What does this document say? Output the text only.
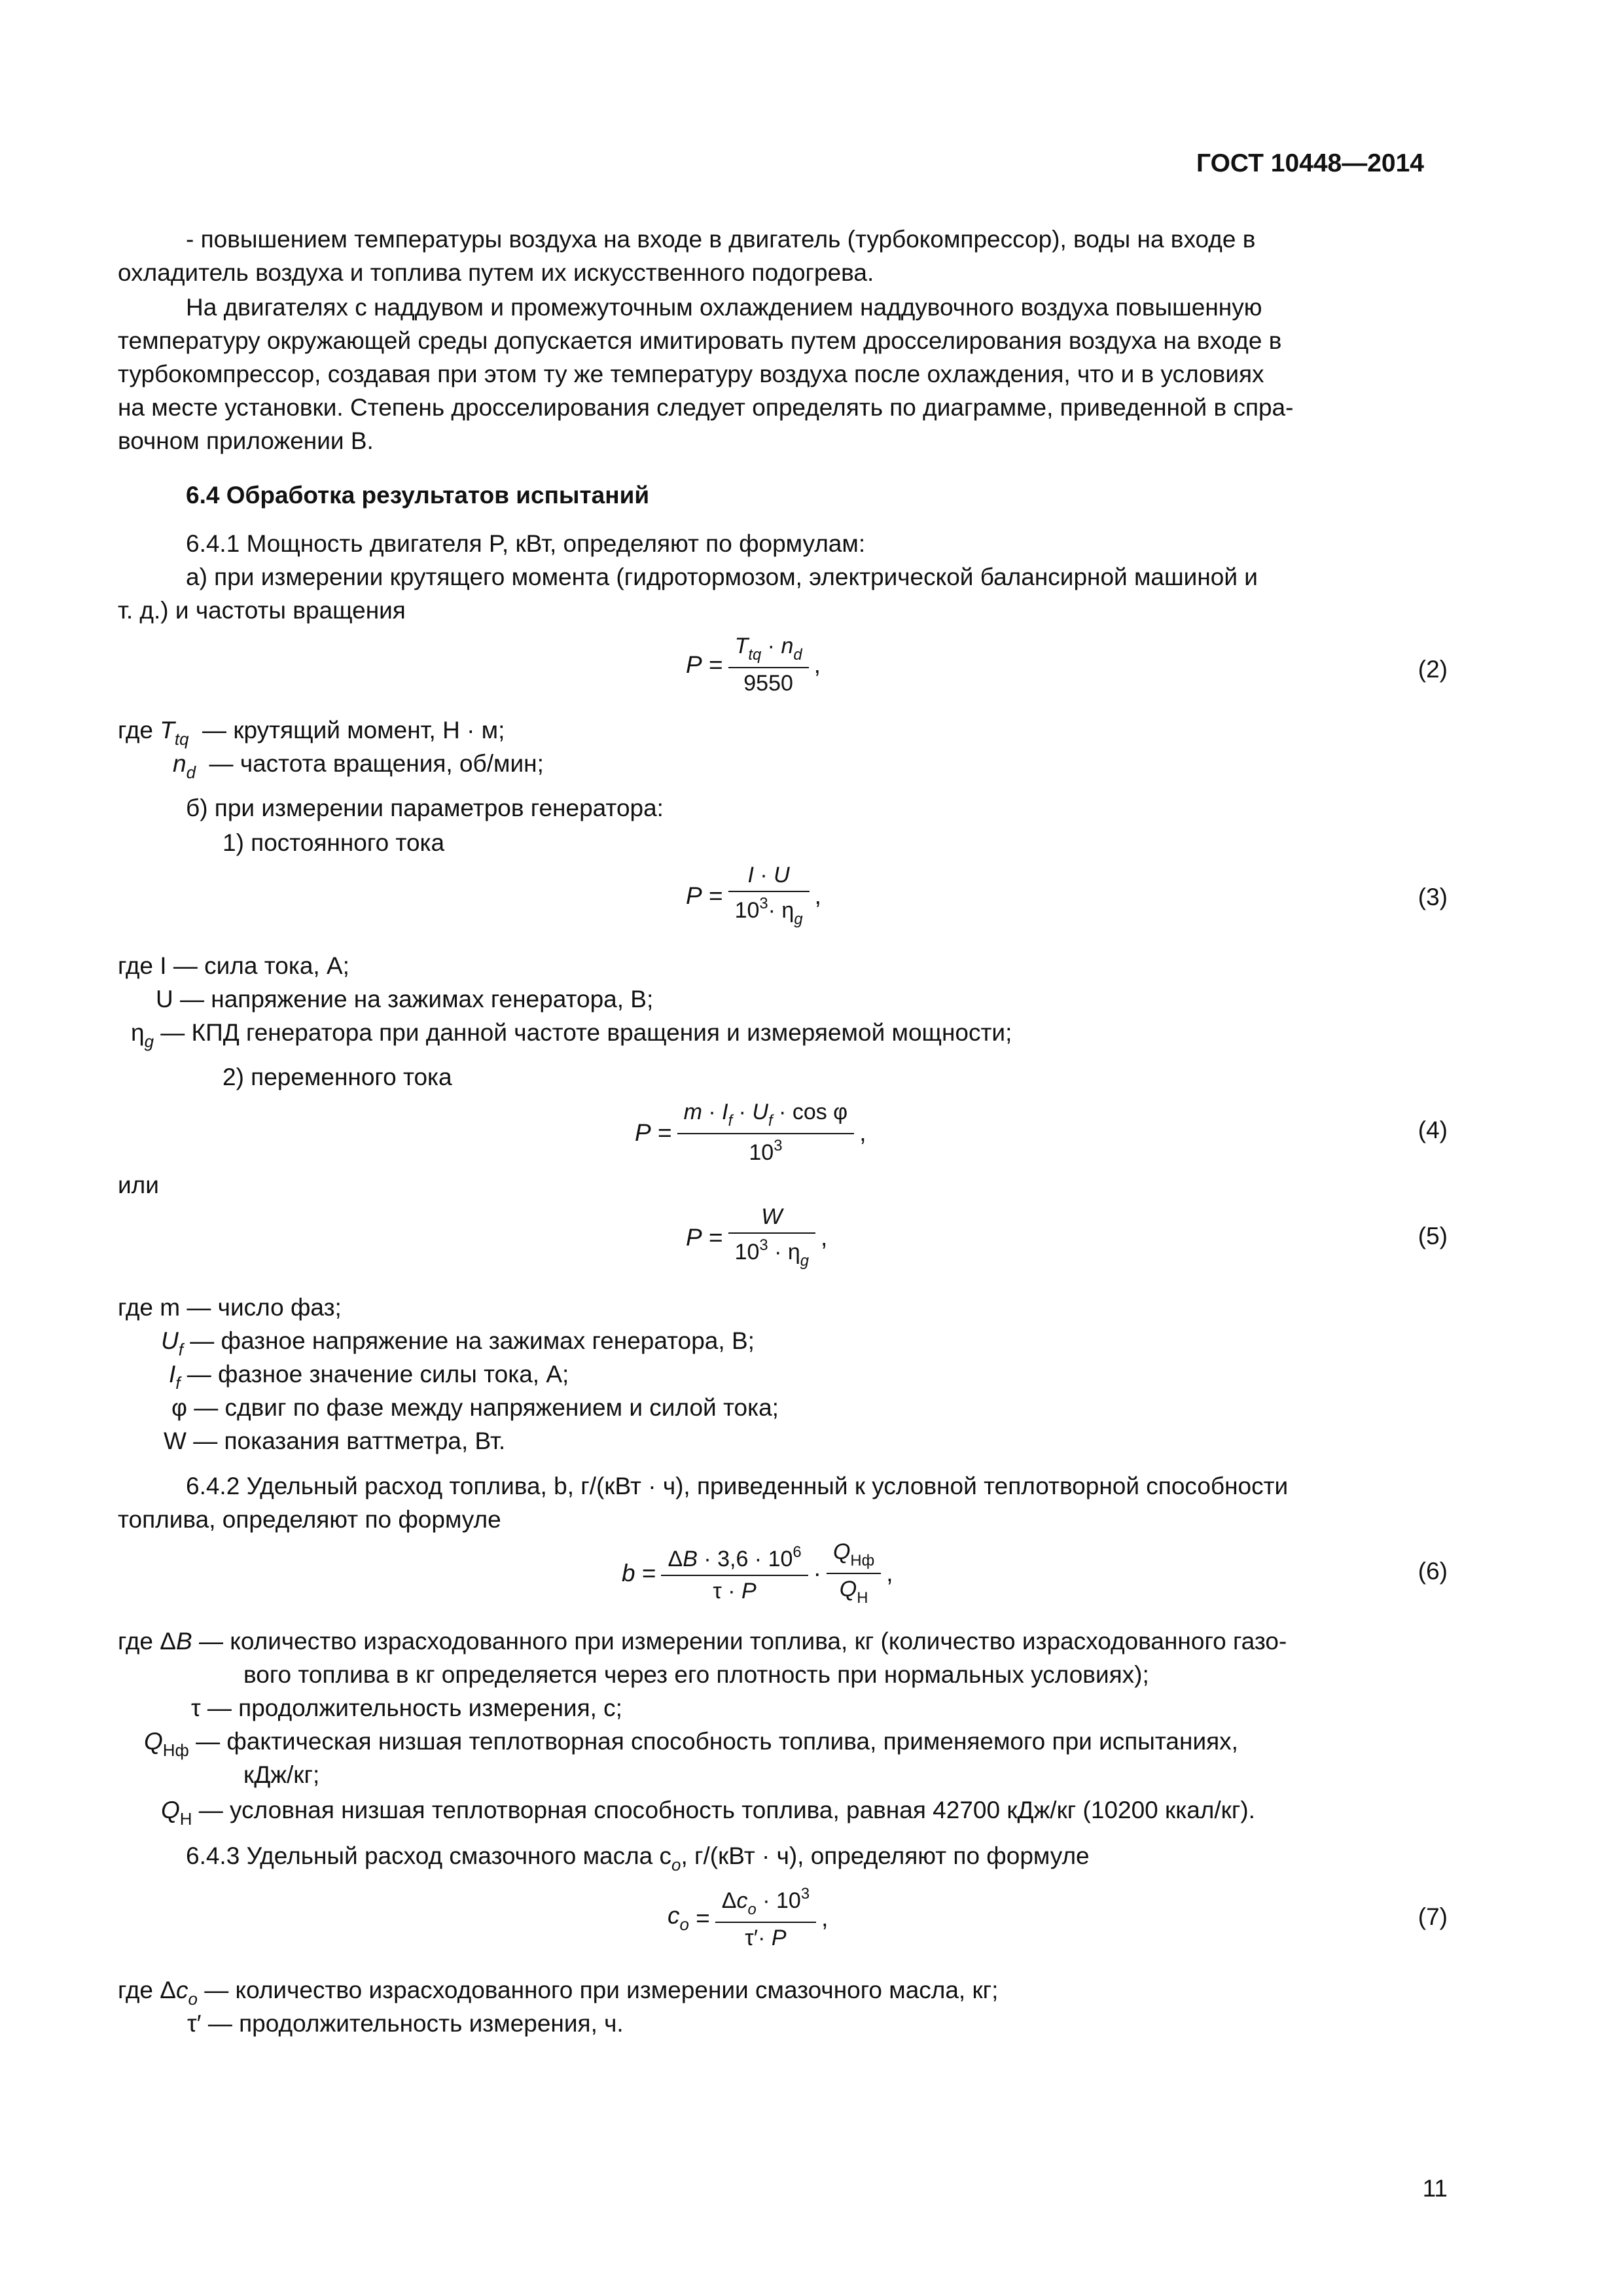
ГОСТ 10448—2014
- повышением температуры воздуха на входе в двигатель (турбокомпрессор), воды на входе в
охладитель воздуха и топлива путем их искусственного подогрева.
На двигателях с наддувом и промежуточным охлаждением наддувочного воздуха повышенную
температуру окружающей среды допускается имитировать путем дросселирования воздуха на входе в
турбокомпрессор, создавая при этом ту же температуру воздуха после охлаждения, что и в условиях
на месте установки. Степень дросселирования следует определять по диаграмме, приведенной в спра-
вочном приложении В.
6.4 Обработка результатов испытаний
6.4.1 Мощность двигателя P, кВт, определяют по формулам:
а) при измерении крутящего момента (гидротормозом, электрической балансирной машиной и
т. д.) и частоты вращения
$P = \frac{T_{tq} \cdot n_d}{9550}$ ,	(2)
где $T_{tq}$ — крутящий момент, Н · м;
$n_d$ — частота вращения, об/мин;
б) при измерении параметров генератора:
1) постоянного тока
$P = \frac{I \cdot U}{10^3\cdot \eta_g}$ ,	(3)
где I — сила тока, А;
U — напряжение на зажимах генератора, В;
$\eta_g$ — КПД генератора при данной частоте вращения и измеряемой мощности;
2) переменного тока
$P = \frac{m \cdot I_f \cdot U_f \cdot \cos \varphi}{10^3}$ ,	(4)
или
$P = \frac{W}{10^3 \cdot \eta_g}$ ,	(5)
где m — число фаз;
$U_f$ — фазное напряжение на зажимах генератора, В;
$I_f$ — фазное значение силы тока, А;
φ — сдвиг по фазе между напряжением и силой тока;
W — показания ваттметра, Вт.
6.4.2 Удельный расход топлива, b, г/(кВт · ч), приведенный к условной теплотворной способности
топлива, определяют по формуле
$b = \frac{\Delta B \cdot 3,6 \cdot 10^6}{\tau \cdot P} \cdot \frac{Q_{Нф}}{Q_Н}$ ,	(6)
где ΔB — количество израсходованного при измерении топлива, кг (количество израсходованного газо-
вого топлива в кг определяется через его плотность при нормальных условиях);
τ — продолжительность измерения, с;
$Q_{Нф}$ — фактическая низшая теплотворная способность топлива, применяемого при испытаниях,
кДж/кг;
$Q_Н$ — условная низшая теплотворная способность топлива, равная 42700 кДж/кг (10200 ккал/кг).
6.4.3 Удельный расход смазочного масла $c_o$, г/(кВт · ч), определяют по формуле
$c_o = \frac{\Delta c_o \cdot 10^3}{\tau'\cdot P}$ ,	(7)
где $\Delta c_o$ — количество израсходованного при измерении смазочного масла, кг;
τ′ — продолжительность измерения, ч.
11
